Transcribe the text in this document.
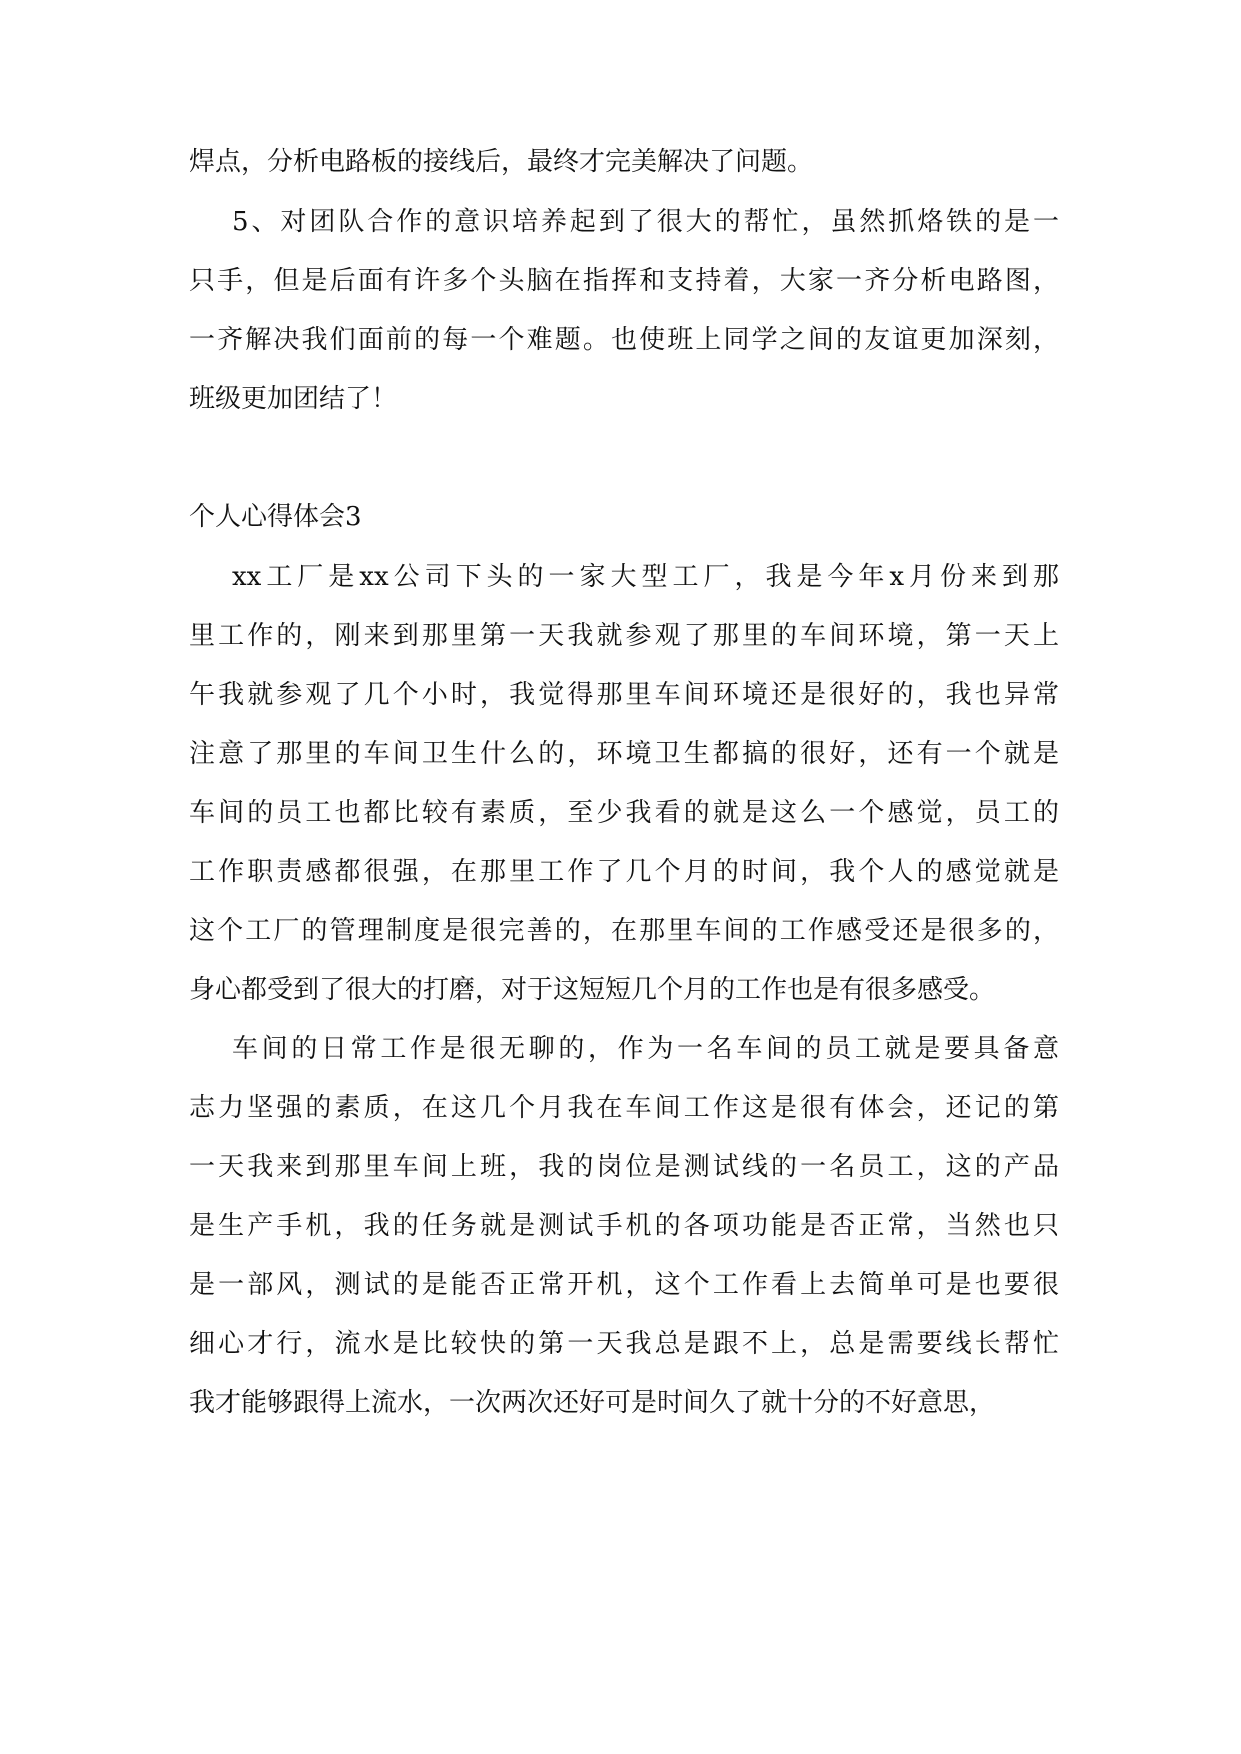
焊点，分析电路板的接线后，最终才完美解决了问题。
5、对团队合作的意识培养起到了很大的帮忙，虽然抓烙铁的是一
只手，但是后面有许多个头脑在指挥和支持着，大家一齐分析电路图，
一齐解决我们面前的每一个难题。也使班上同学之间的友谊更加深刻，
班级更加团结了！
个人心得体会3
xx工厂是xx公司下头的一家大型工厂，我是今年x月份来到那
里工作的，刚来到那里第一天我就参观了那里的车间环境，第一天上
午我就参观了几个小时，我觉得那里车间环境还是很好的，我也异常
注意了那里的车间卫生什么的，环境卫生都搞的很好，还有一个就是
车间的员工也都比较有素质，至少我看的就是这么一个感觉，员工的
工作职责感都很强，在那里工作了几个月的时间，我个人的感觉就是
这个工厂的管理制度是很完善的，在那里车间的工作感受还是很多的，
身心都受到了很大的打磨，对于这短短几个月的工作也是有很多感受。
车间的日常工作是很无聊的，作为一名车间的员工就是要具备意
志力坚强的素质，在这几个月我在车间工作这是很有体会，还记的第
一天我来到那里车间上班，我的岗位是测试线的一名员工，这的产品
是生产手机，我的任务就是测试手机的各项功能是否正常，当然也只
是一部风，测试的是能否正常开机，这个工作看上去简单可是也要很
细心才行，流水是比较快的第一天我总是跟不上，总是需要线长帮忙
我才能够跟得上流水，一次两次还好可是时间久了就十分的不好意思，
